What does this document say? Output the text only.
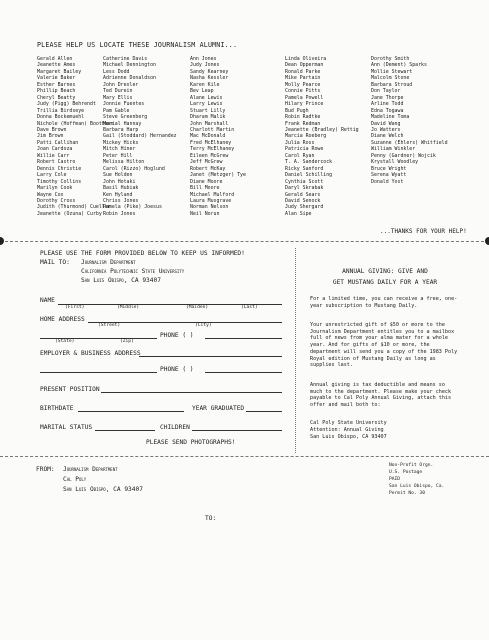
PLEASE HELP US LOCATE THESE JOURNALISM ALUMNI...
Gerald Allen
Jeanette Ames
Margaret Bailey
Valerie Baker
Esther Barnes
Phillip Beach
Cheryl Beatty
Judy (Pigg) Behrendt
Trillia Birdseye
Donna Bockemuehl
Nichole (Hoffman) Boothman
Dave Brown
Jim Brown
Patti Callihan
Joan Cardoza
Willie Carr
Robert Castro
Dennis Christie
Larry Cole
Timothy Collins
Marilyn Cook
Wayne Cox
Dorothy Cross
Judith (Thurmond) Cuellar
Jeanette (Ozuna) Curby
Catherine Davis
Michael Dennington
Less Dodd
Adrienne Donaldson
John Drexler
Ted Durein
Mary Ellis
Jonnie Fuentes
Pam Gable
Steve Greenberg
Marial Hannay
Barbara Harp
Gail (Stoddard) Hernandez
Mickey Hicks
Mitch Hiner
Peter Hill
Melissa Hilton
Carol (Rizzo) Hoglund
Sue Holden
John Hotaki
Basil Hubiak
Ken Hyland
Chriss Jones
Pamela (Pike) Joesus
Robin Jones
Ann Jones
Judy Jones
Sandy Kearney
Nasha Kessler
Karen Kile
Bev Leap
Alane Lewis
Larry Lewis
Stuart Lilly
Dharam Malik
John Marshall
Charlott Martin
Mac McDonald
Fred McElhaney
Terry McElhaney
Eileen McGrew
Jeff McGrew
Robert McKay
Janet (Metzger) Tye
Diane Moore
Bill Moore
Michael Mulford
Laura Musgrave
Norman Nelson
Neil Norun
Linda Oliveira
Dean Opperman
Ronald Parke
Mike Partain
Molly Pearce
Connie Pitts
Pamela Powell
Hilary Prince
Bud Pugh
Robin Radtke
Frank Redman
Jeanette (Bradley) Rettig
Marcia Roeberg
Julia Ross
Patricia Rowe
Carol Ryan
T. A. Sandercock
Ricky Sanford
Daniel Schilling
Cynthia Scott
Daryl Skrabak
Gerald Sears
David Senock
Judy Shergard
Alan Sipe
Dorothy Smith
Ann (Dement) Sparks
Mollie Stewart
Malcolm Stone
Barbara Stroud
Don Taylor
Jane Thorpe
Arline Todd
Edna Togawa
Madeline Toma
David Wang
Jo Watters
Diane Welch
Suzanne (Ehlers) Whitfield
William Winkler
Penny (Gardner) Wojcik
Krystall Woodley
Bruce Wright
Serena Wyatt
Donald Yost
...THANKS FOR YOUR HELP!
PLEASE USE THE FORM PROVIDED BELOW TO KEEP US INFORMED!
MAIL TO: Journalism Department
California Polytechnic State University
San Luis Obispo, CA 93407
NAME
(First)	(Middle)	(Maiden)	(Last)
HOME ADDRESS
(Street)	(City)
PHONE ( )
(State)	(Zip)
EMPLOYER & BUSINESS ADDRESS
PHONE ( )
PRESENT POSITION
BIRTHDATE	YEAR GRADUATED
MARITAL STATUS	CHILDREN
PLEASE SEND PHOTOGRAPHS!
ANNUAL GIVING: GIVE AND
GET MUSTANG DAILY FOR A YEAR
For a limited time, you can receive a free, one-year subscription to Mustang Daily.
Your unrestricted gift of $50 or more to the Journalism Department entitles you to a mailbox full of news from your alma mater for a whole year. And for gifts of $10 or more, the department will send you a copy of the 1983 Poly Royal edition of Mustang Daily as long as supplies last.
Annual giving is tax deductible and means so much to the department. Please make your check payable to Cal Poly Annual Giving, attach this offer and mail both to:
Cal Poly State University
Attention: Annual Giving
San Luis Obispo, CA 93407
FROM: Journalism Department
Cal Poly
San Luis Obispo, CA 93407
Non-Profit Orgn.
U.S. Postage
PAID
San Luis Obispo, Ca.
Permit No. 30
TO:
